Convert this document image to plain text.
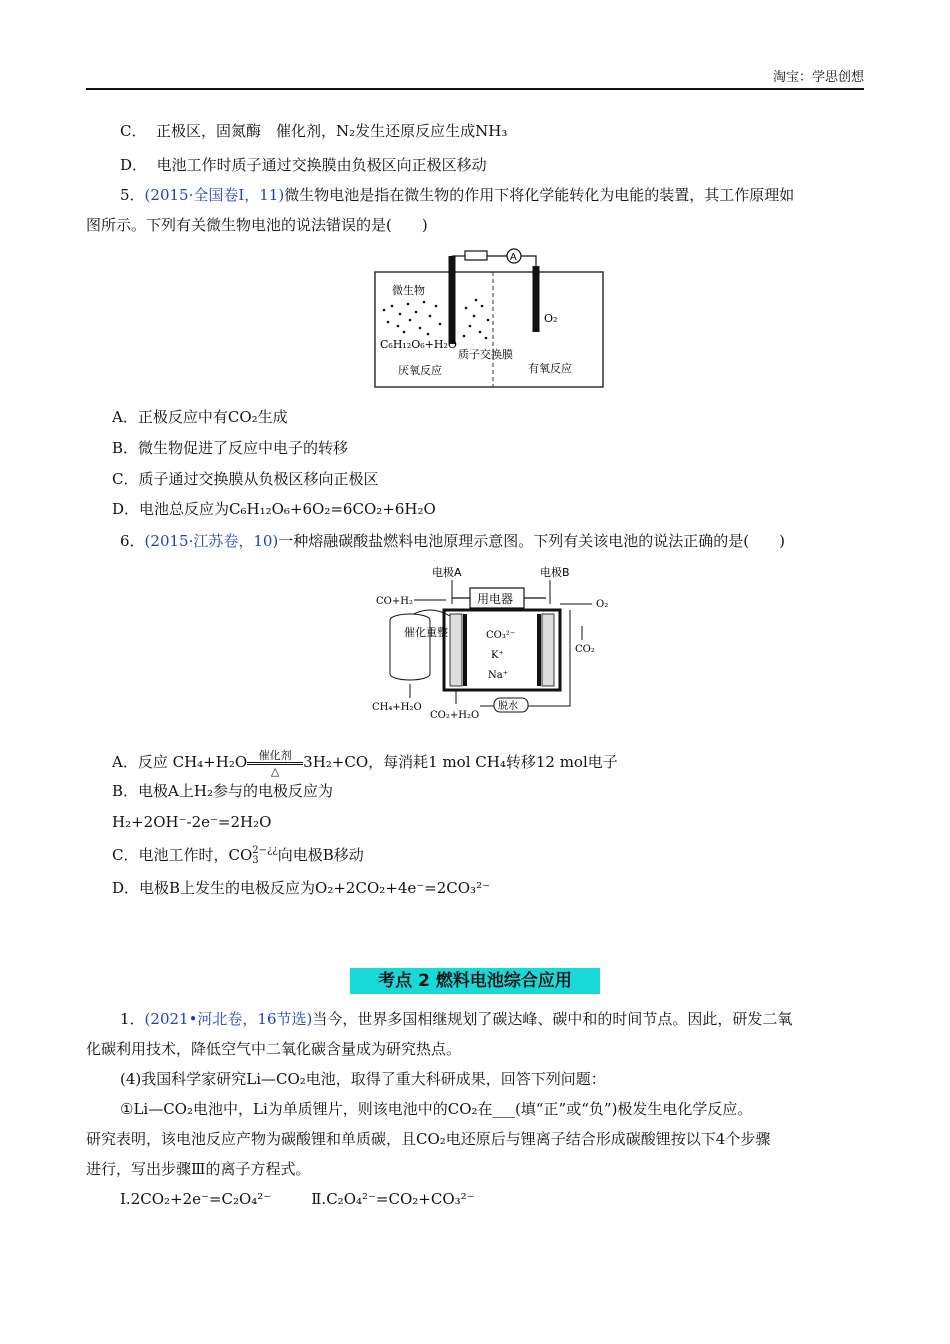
淘宝：学思创想
C． 正极区，固氮酶　催化剂，N₂发生还原反应生成NH₃
D． 电池工作时质子通过交换膜由负极区向正极区移动
5．(2015·全国卷Ⅰ，11)微生物电池是指在微生物的作用下将化学能转化为电能的装置，其工作原理如
图所示。下列有关微生物电池的说法错误的是(　　)
A
微生物
C₆H₁₂O₆+H₂O
O₂
质子交换膜
厌氧反应	有氧反应
A．正极反应中有CO₂生成
B．微生物促进了反应中电子的转移
C．质子通过交换膜从负极区移向正极区
D．电池总反应为C₆H₁₂O₆+6O₂=6CO₂+6H₂O
6．(2015·江苏卷，10)一种熔融碳酸盐燃料电池原理示意图。下列有关该电池的说法正确的是(　　)
电极A	电极B
用电器
CO₃²⁻
K⁺
Na⁺
CO+H₂
催化重整
CH₄+H₂O
O₂
CO₂
CO₂+H₂O
脱水
A．反应 CH₄+H₂O	催化剂
△	3H₂+CO，每消耗1 mol CH₄转移12 mol电子
B．电极A上H₂参与的电极反应为
H₂+2OH⁻-2e⁻=2H₂O
C．电池工作时，CO 2−¿¿
3	向电极B移动
D．电极B上发生的电极反应为O₂+2CO₂+4e⁻=2CO₃²⁻
考点 2 燃料电池综合应用
1．(2021•河北卷，16节选)当今，世界多国相继规划了碳达峰、碳中和的时间节点。因此，研发二氧
化碳利用技术，降低空气中二氧化碳含量成为研究热点。
(4)我国科学家研究Li—CO₂电池，取得了重大科研成果，回答下列问题：
①Li—CO₂电池中，Li为单质锂片，则该电池中的CO₂在___(填“正”或“负”)极发生电化学反应。
研究表明，该电池反应产物为碳酸锂和单质碳，且CO₂电还原后与锂离子结合形成碳酸锂按以下4个步骤
进行，写出步骤Ⅲ的离子方程式。
Ⅰ.2CO₂+2e⁻=C₂O₄²⁻	Ⅱ.C₂O₄²⁻=CO₂+CO₃²⁻
